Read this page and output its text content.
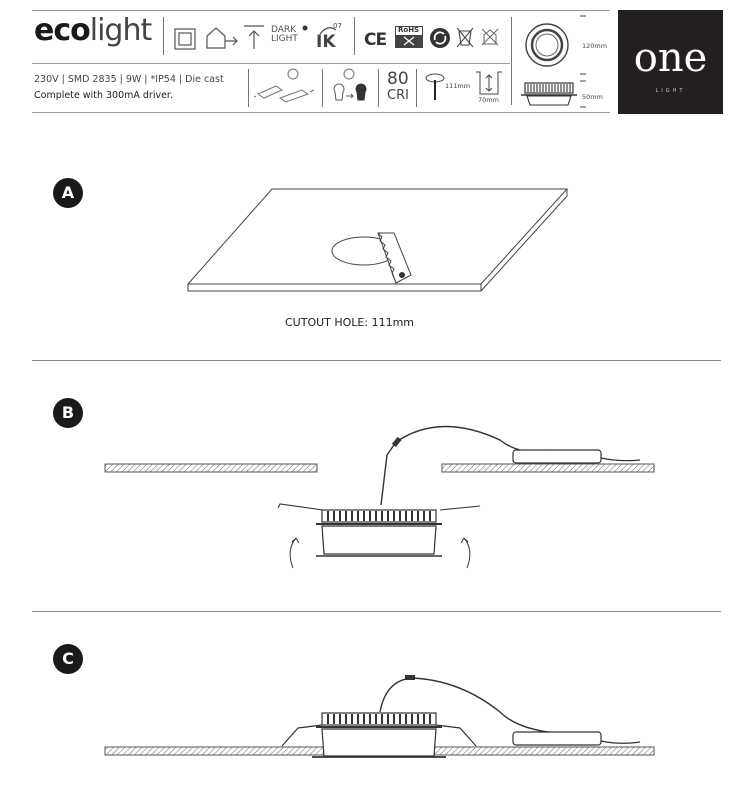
ecolight	DARK
LIGHT IK
07
CE RoHS
120mm
50mm
230V | SMD 2835 | 9W | *IP54 | Die cast
Complete with 300mA driver.
80
CRI
111mm
70mm
one
LIGHT
A
CUTOUT HOLE: 111mm
B
C
